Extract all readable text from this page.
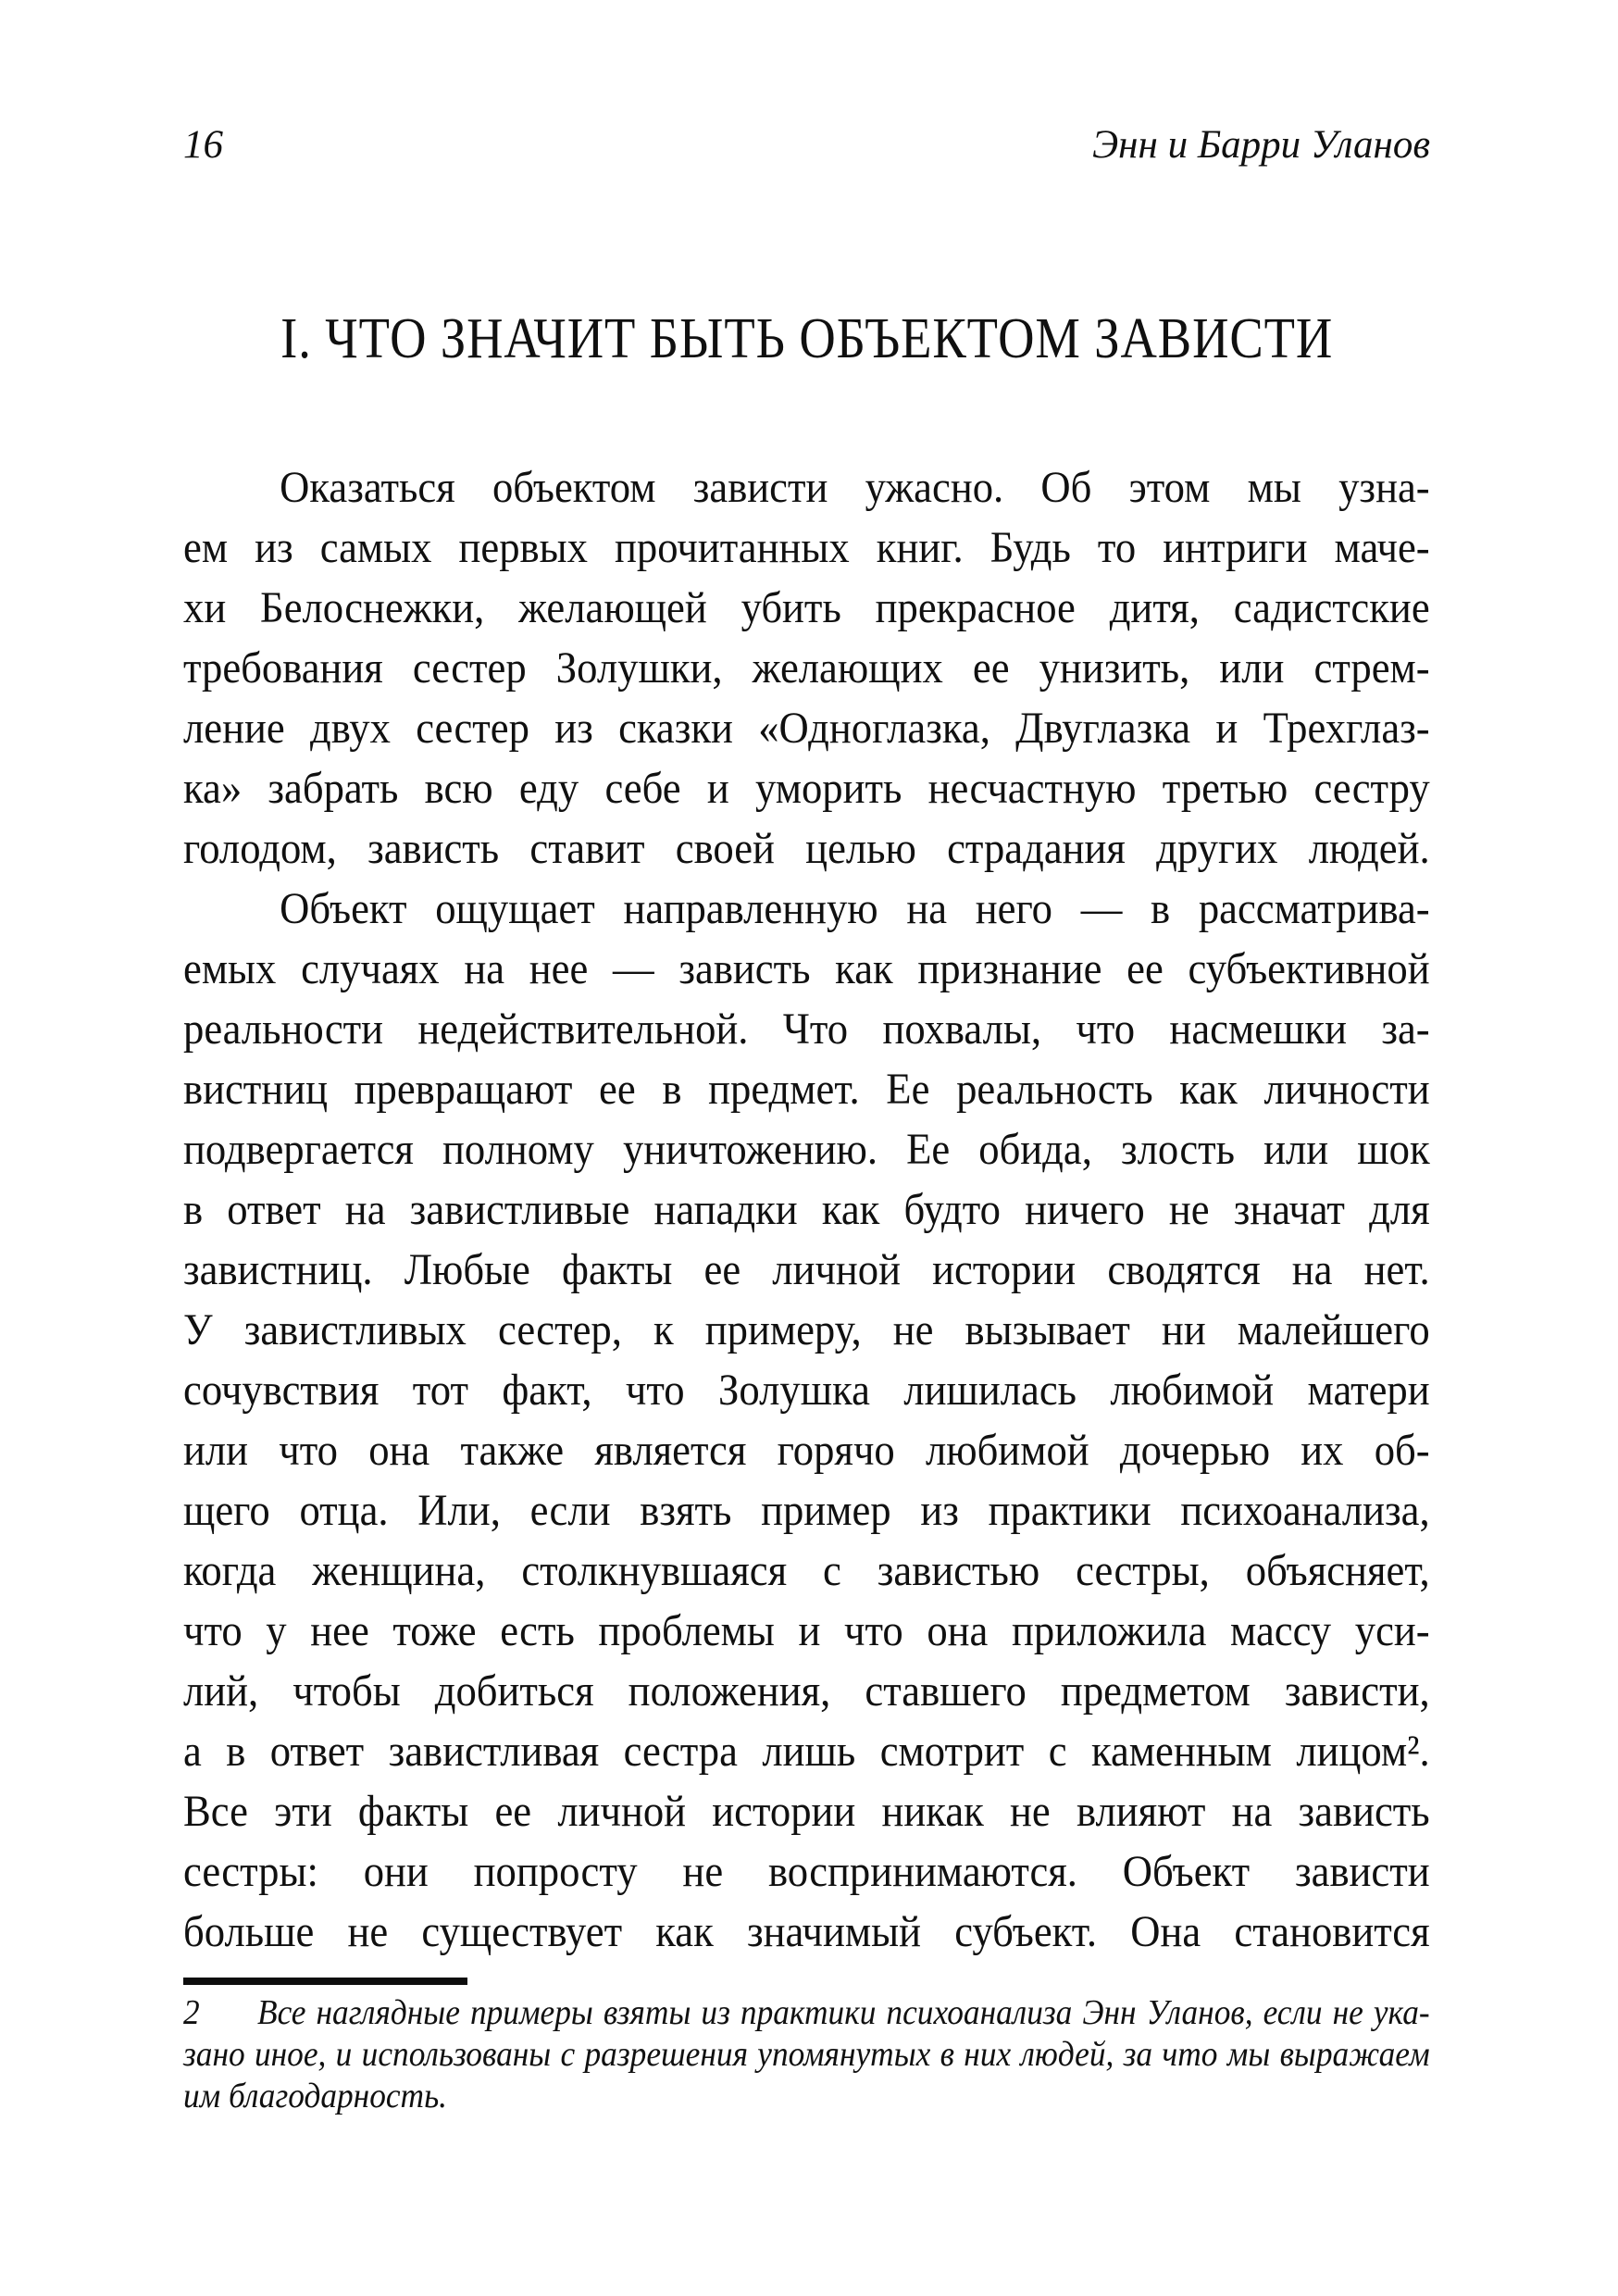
16	Энн и Барри Уланов
I. ЧТО ЗНАЧИТ БЫТЬ ОБЪЕКТОМ ЗАВИСТИ
Оказаться объектом зависти ужасно. Об этом мы узна-
ем из самых первых прочитанных книг. Будь то интриги маче-
хи Белоснежки, желающей убить прекрасное дитя, садистские
требования сестер Золушки, желающих ее унизить, или стрем-
ление двух сестер из сказки «Одноглазка, Двуглазка и Трехглаз-
ка» забрать всю еду себе и уморить несчастную третью сестру
голодом, зависть ставит своей целью страдания других людей.
Объект ощущает направленную на него — в рассматрива-
емых случаях на нее — зависть как признание ее субъективной
реальности недействительной. Что похвалы, что насмешки за-
вистниц превращают ее в предмет. Ее реальность как личности
подвергается полному уничтожению. Ее обида, злость или шок
в ответ на завистливые нападки как будто ничего не значат для
завистниц. Любые факты ее личной истории сводятся на нет.
У завистливых сестер, к примеру, не вызывает ни малейшего
сочувствия тот факт, что Золушка лишилась любимой матери
или что она также является горячо любимой дочерью их об-
щего отца. Или, если взять пример из практики психоанализа,
когда женщина, столкнувшаяся с завистью сестры, объясняет,
что у нее тоже есть проблемы и что она приложила массу уси-
лий, чтобы добиться положения, ставшего предметом зависти,
а в ответ завистливая сестра лишь смотрит с каменным лицом².
Все эти факты ее личной истории никак не влияют на зависть
сестры: они попросту не воспринимаются. Объект зависти
больше не существует как значимый субъект. Она становится
2 Все наглядные примеры взяты из практики психоанализа Энн Уланов, если не ука-
зано иное, и использованы с разрешения упомянутых в них людей, за что мы выражаем
им благодарность.
